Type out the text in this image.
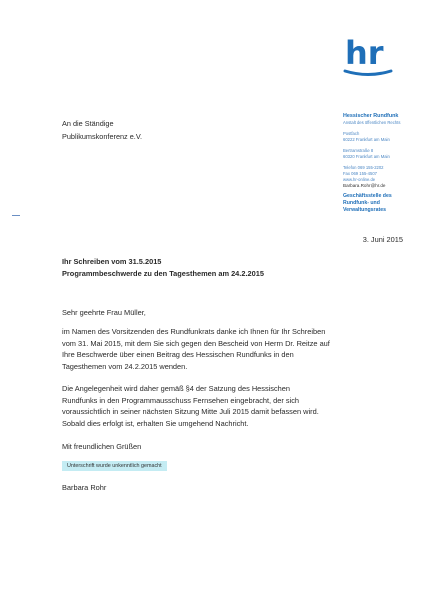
hr
An die Ständige
Publikumskonferenz e.V.
Hessischer Rundfunk
Anstalt des öffentlichen Rechts
Postfach
60222 Frankfurt am Main
Bertramstraße 8
60320 Frankfurt am Main
Telefon 069 155-2202
Fax 069 155-4507
www.hr-online.de
Barbara.Rohr@hr.de
Geschäftsstelle des
Rundfunk- und
Verwaltungsrates
3. Juni 2015
Ihr Schreiben vom 31.5.2015
Programmbeschwerde zu den Tagesthemen am 24.2.2015
Sehr geehrte Frau Müller,
im Namen des Vorsitzenden des Rundfunkrats danke ich Ihnen für Ihr Schreiben
vom 31. Mai 2015, mit dem Sie sich gegen den Bescheid von Herrn Dr. Reitze auf
Ihre Beschwerde über einen Beitrag des Hessischen Rundfunks in den
Tagesthemen vom 24.2.2015 wenden.
Die Angelegenheit wird daher gemäß §4 der Satzung des Hessischen
Rundfunks in den Programmausschuss Fernsehen eingebracht, der sich
voraussichtlich in seiner nächsten Sitzung Mitte Juli 2015 damit befassen wird.
Sobald dies erfolgt ist, erhalten Sie umgehend Nachricht.
Mit freundlichen Grüßen
Unterschrift wurde unkenntlich gemacht
Barbara Rohr
